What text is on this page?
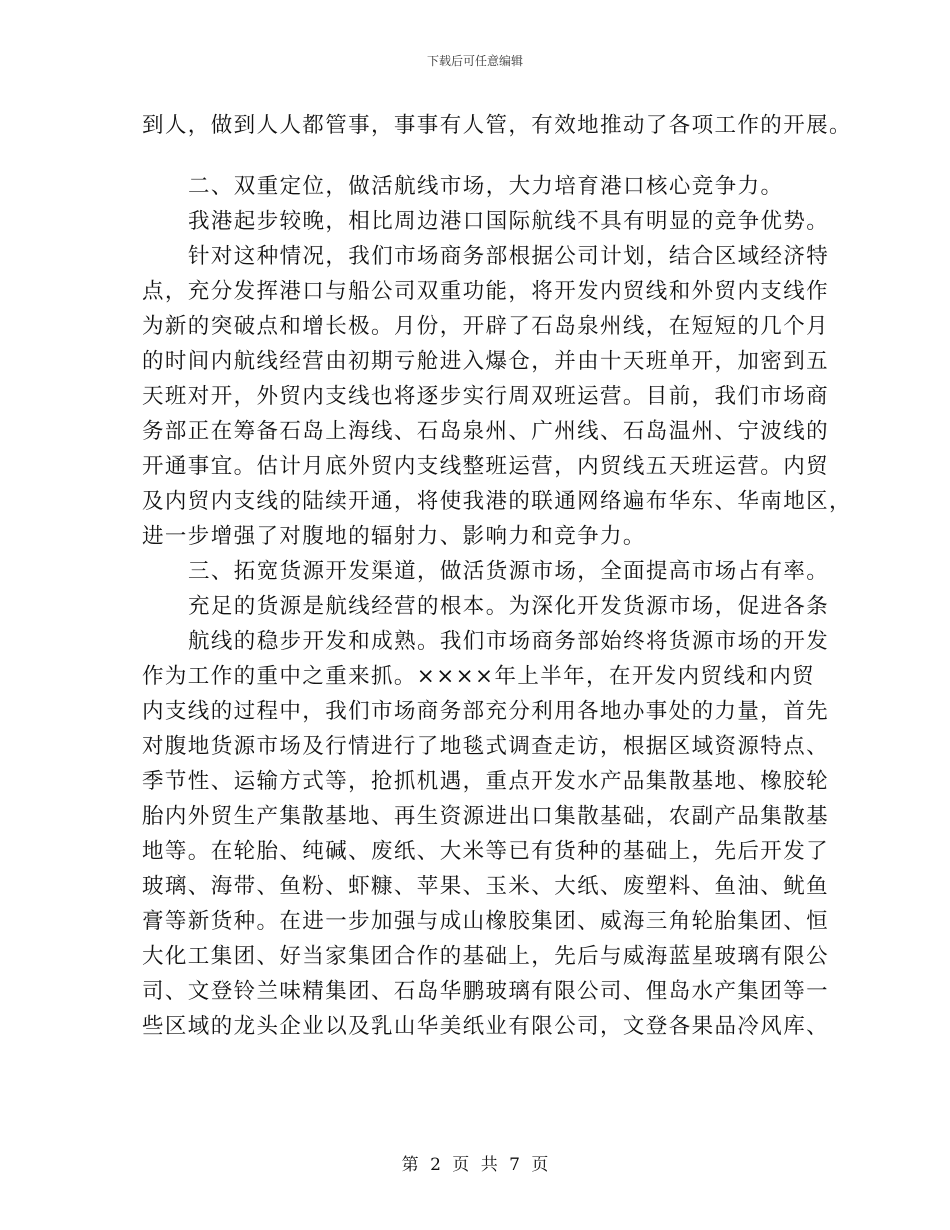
下载后可任意编辑
到人，做到人人都管事，事事有人管，有效地推动了各项工作的开展。
二、双重定位，做活航线市场，大力培育港口核心竞争力。
我港起步较晚，相比周边港口国际航线不具有明显的竞争优势。
针对这种情况，我们市场商务部根据公司计划，结合区域经济特
点，充分发挥港口与船公司双重功能，将开发内贸线和外贸内支线作
为新的突破点和增长极。月份，开辟了石岛泉州线，在短短的几个月
的时间内航线经营由初期亏舱进入爆仓，并由十天班单开，加密到五
天班对开，外贸内支线也将逐步实行周双班运营。目前，我们市场商
务部正在筹备石岛上海线、石岛泉州、广州线、石岛温州、宁波线的
开通事宜。估计月底外贸内支线整班运营，内贸线五天班运营。内贸
及内贸内支线的陆续开通，将使我港的联通网络遍布华东、华南地区，
进一步增强了对腹地的辐射力、影响力和竞争力。
三、拓宽货源开发渠道，做活货源市场，全面提高市场占有率。
充足的货源是航线经营的根本。为深化开发货源市场，促进各条
航线的稳步开发和成熟。我们市场商务部始终将货源市场的开发
作为工作的重中之重来抓。××××年上半年，在开发内贸线和内贸
内支线的过程中，我们市场商务部充分利用各地办事处的力量，首先
对腹地货源市场及行情进行了地毯式调查走访，根据区域资源特点、
季节性、运输方式等，抢抓机遇，重点开发水产品集散基地、橡胶轮
胎内外贸生产集散基地、再生资源进出口集散基础，农副产品集散基
地等。在轮胎、纯碱、废纸、大米等已有货种的基础上，先后开发了
玻璃、海带、鱼粉、虾糠、苹果、玉米、大纸、废塑料、鱼油、鱿鱼
膏等新货种。在进一步加强与成山橡胶集团、威海三角轮胎集团、恒
大化工集团、好当家集团合作的基础上，先后与威海蓝星玻璃有限公
司、文登铃兰味精集团、石岛华鹏玻璃有限公司、俚岛水产集团等一
些区域的龙头企业以及乳山华美纸业有限公司，文登各果品冷风库、
第 2 页 共 7 页
